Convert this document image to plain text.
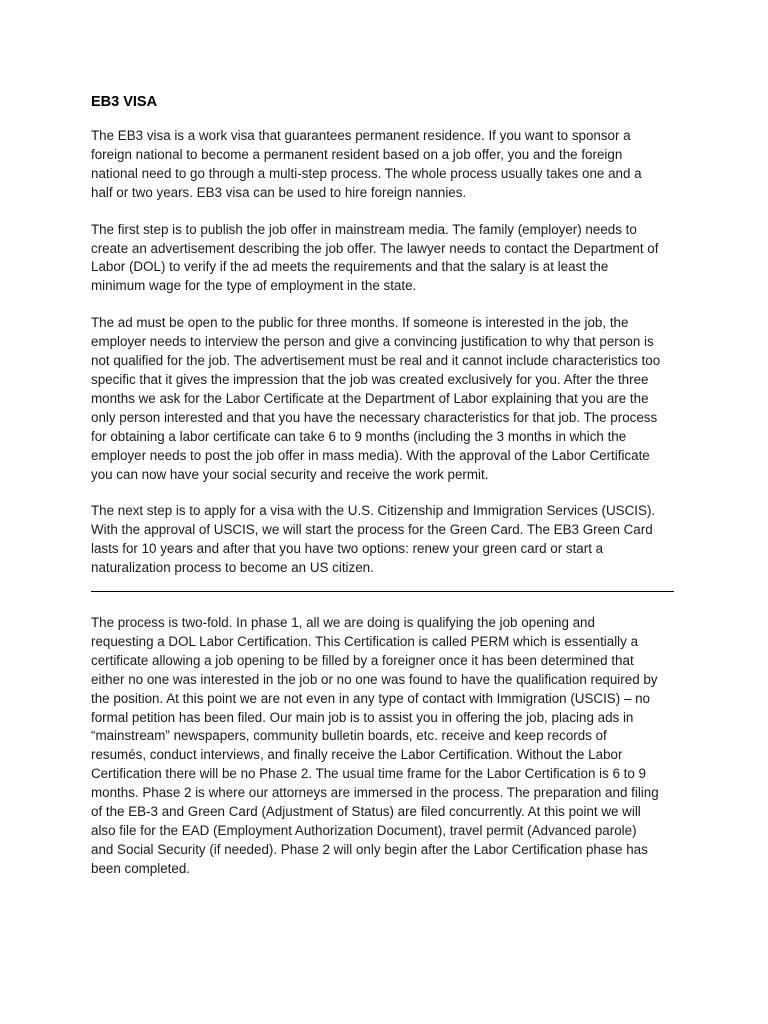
EB3 VISA
The EB3 visa is a work visa that guarantees permanent residence. If you want to sponsor a
foreign national to become a permanent resident based on a job offer, you and the foreign
national need to go through a multi-step process. The whole process usually takes one and a
half or two years. EB3 visa can be used to hire foreign nannies.
The first step is to publish the job offer in mainstream media. The family (employer) needs to
create an advertisement describing the job offer. The lawyer needs to contact the Department of
Labor (DOL) to verify if the ad meets the requirements and that the salary is at least the
minimum wage for the type of employment in the state.
The ad must be open to the public for three months. If someone is interested in the job, the
employer needs to interview the person and give a convincing justification to why that person is
not qualified for the job. The advertisement must be real and it cannot include characteristics too
specific that it gives the impression that the job was created exclusively for you. After the three
months we ask for the Labor Certificate at the Department of Labor explaining that you are the
only person interested and that you have the necessary characteristics for that job. The process
for obtaining a labor certificate can take 6 to 9 months (including the 3 months in which the
employer needs to post the job offer in mass media). With the approval of the Labor Certificate
you can now have your social security and receive the work permit.
The next step is to apply for a visa with the U.S. Citizenship and Immigration Services (USCIS).
With the approval of USCIS, we will start the process for the Green Card. The EB3 Green Card
lasts for 10 years and after that you have two options: renew your green card or start a
naturalization process to become an US citizen.
The process is two-fold. In phase 1, all we are doing is qualifying the job opening and
requesting a DOL Labor Certification. This Certification is called PERM which is essentially a
certificate allowing a job opening to be filled by a foreigner once it has been determined that
either no one was interested in the job or no one was found to have the qualification required by
the position. At this point we are not even in any type of contact with Immigration (USCIS) – no
formal petition has been filed. Our main job is to assist you in offering the job, placing ads in
“mainstream” newspapers, community bulletin boards, etc. receive and keep records of
resumés, conduct interviews, and finally receive the Labor Certification. Without the Labor
Certification there will be no Phase 2. The usual time frame for the Labor Certification is 6 to 9
months. Phase 2 is where our attorneys are immersed in the process. The preparation and filing
of the EB-3 and Green Card (Adjustment of Status) are filed concurrently. At this point we will
also file for the EAD (Employment Authorization Document), travel permit (Advanced parole)
and Social Security (if needed). Phase 2 will only begin after the Labor Certification phase has
been completed.
